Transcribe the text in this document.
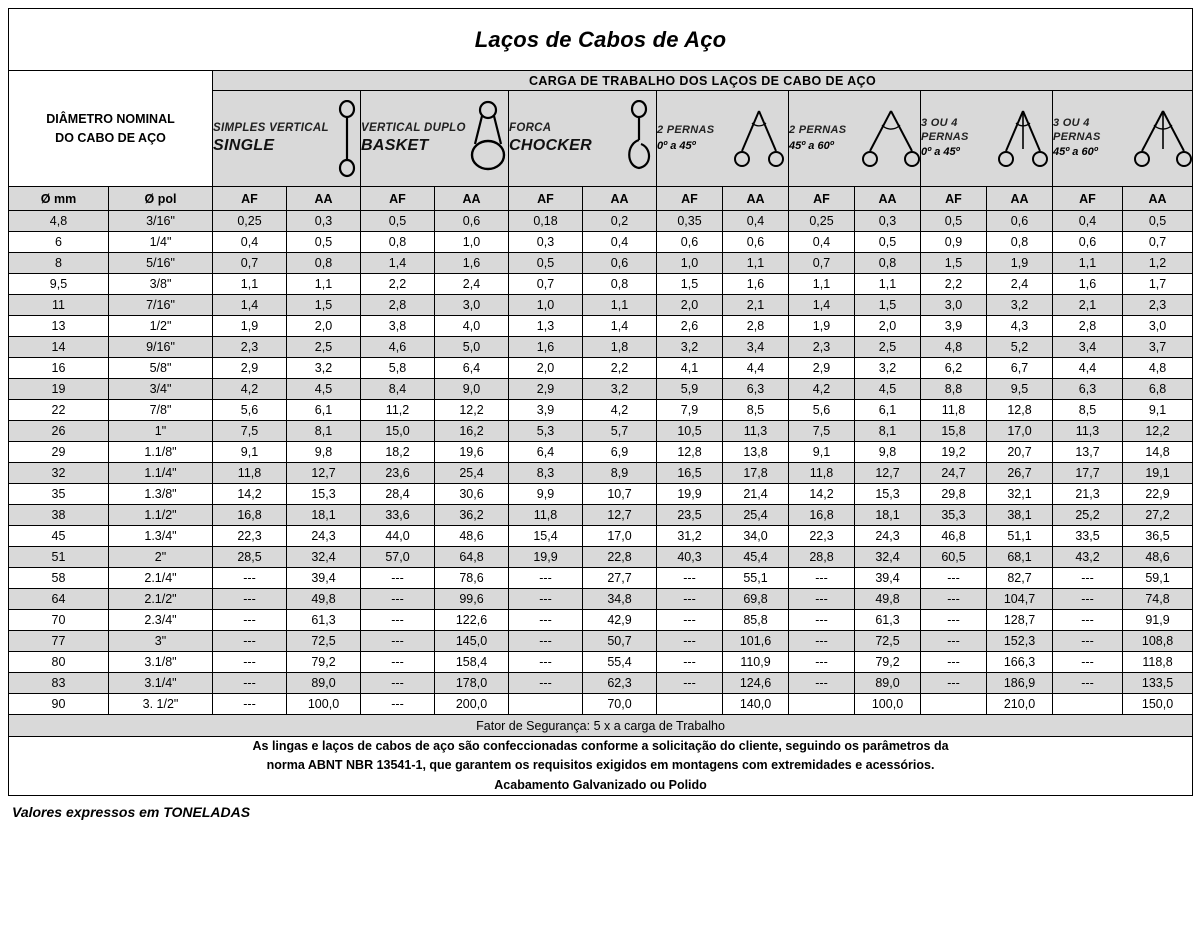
Laços de Cabos de Aço															

DIÂMETRO NOMINAL
DO CABO DE AÇO		CARGA DE TRABALHO DOS LAÇOS DE CABO DE AÇO													

SIMPLES VERTICAL
SINGLE

VERTICAL DUPLO
BASKET

FORCA
CHOCKER

2 PERNAS
0º a 45º

2 PERNAS
45º a 60º

3 OU 4
PERNAS
0º a 45º

3 OU 4
PERNAS
45º a 60º

Ø mm	Ø pol	AF	AA	AF	AA	AF	AA	AF	AA	AF	AA	AF	AA	AF	AA
4,8	3/16"	0,25	0,3	0,5	0,6	0,18	0,2	0,35	0,4	0,25	0,3	0,5	0,6	0,4	0,5
6	1/4"	0,4	0,5	0,8	1,0	0,3	0,4	0,6	0,6	0,4	0,5	0,9	0,8	0,6	0,7
8	5/16"	0,7	0,8	1,4	1,6	0,5	0,6	1,0	1,1	0,7	0,8	1,5	1,9	1,1	1,2
9,5	3/8"	1,1	1,1	2,2	2,4	0,7	0,8	1,5	1,6	1,1	1,1	2,2	2,4	1,6	1,7
11	7/16"	1,4	1,5	2,8	3,0	1,0	1,1	2,0	2,1	1,4	1,5	3,0	3,2	2,1	2,3
13	1/2"	1,9	2,0	3,8	4,0	1,3	1,4	2,6	2,8	1,9	2,0	3,9	4,3	2,8	3,0
14	9/16"	2,3	2,5	4,6	5,0	1,6	1,8	3,2	3,4	2,3	2,5	4,8	5,2	3,4	3,7
16	5/8"	2,9	3,2	5,8	6,4	2,0	2,2	4,1	4,4	2,9	3,2	6,2	6,7	4,4	4,8
19	3/4"	4,2	4,5	8,4	9,0	2,9	3,2	5,9	6,3	4,2	4,5	8,8	9,5	6,3	6,8
22	7/8"	5,6	6,1	11,2	12,2	3,9	4,2	7,9	8,5	5,6	6,1	11,8	12,8	8,5	9,1
26	1"	7,5	8,1	15,0	16,2	5,3	5,7	10,5	11,3	7,5	8,1	15,8	17,0	11,3	12,2
29	1.1/8"	9,1	9,8	18,2	19,6	6,4	6,9	12,8	13,8	9,1	9,8	19,2	20,7	13,7	14,8
32	1.1/4"	11,8	12,7	23,6	25,4	8,3	8,9	16,5	17,8	11,8	12,7	24,7	26,7	17,7	19,1
35	1.3/8"	14,2	15,3	28,4	30,6	9,9	10,7	19,9	21,4	14,2	15,3	29,8	32,1	21,3	22,9
38	1.1/2"	16,8	18,1	33,6	36,2	11,8	12,7	23,5	25,4	16,8	18,1	35,3	38,1	25,2	27,2
45	1.3/4"	22,3	24,3	44,0	48,6	15,4	17,0	31,2	34,0	22,3	24,3	46,8	51,1	33,5	36,5
51	2"	28,5	32,4	57,0	64,8	19,9	22,8	40,3	45,4	28,8	32,4	60,5	68,1	43,2	48,6
58	2.1/4"	---	39,4	---	78,6	---	27,7	---	55,1	---	39,4	---	82,7	---	59,1
64	2.1/2"	---	49,8	---	99,6	---	34,8	---	69,8	---	49,8	---	104,7	---	74,8
70	2.3/4"	---	61,3	---	122,6	---	42,9	---	85,8	---	61,3	---	128,7	---	91,9
77	3"	---	72,5	---	145,0	---	50,7	---	101,6	---	72,5	---	152,3	---	108,8
80	3.1/8"	---	79,2	---	158,4	---	55,4	---	110,9	---	79,2	---	166,3	---	118,8
83	3.1/4"	---	89,0	---	178,0	---	62,3	---	124,6	---	89,0	---	186,9	---	133,5
90	3. 1/2"	---	100,0	---	200,0		70,0		140,0		100,0		210,0		150,0
Fator de Segurança: 5 x a carga de Trabalho															
As lingas e laços de cabos de aço são confeccionadas conforme a solicitação do cliente, seguindo os parâmetros da
norma ABNT NBR 13541-1, que garantem os requisitos exigidos em montagens com extremidades e acessórios.
Acabamento Galvanizado ou Polido															
Valores expressos em TONELADAS
